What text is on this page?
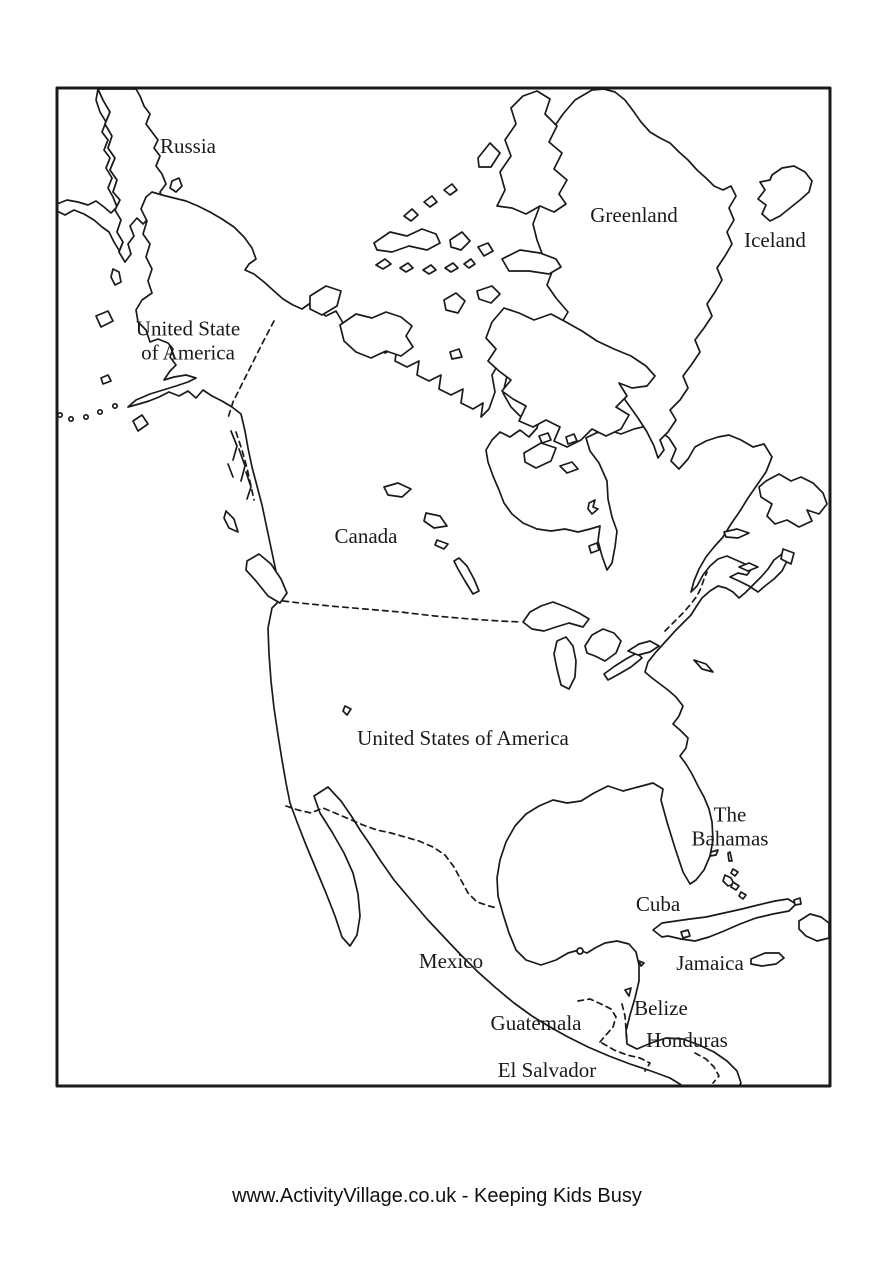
Russia
Greenland
Iceland
United State
of America
Canada
United States of America
The
Bahamas
Cuba
Jamaica
Mexico
Guatemala
Belize
Honduras
El Salvador
www.ActivityVillage.co.uk - Keeping Kids Busy
